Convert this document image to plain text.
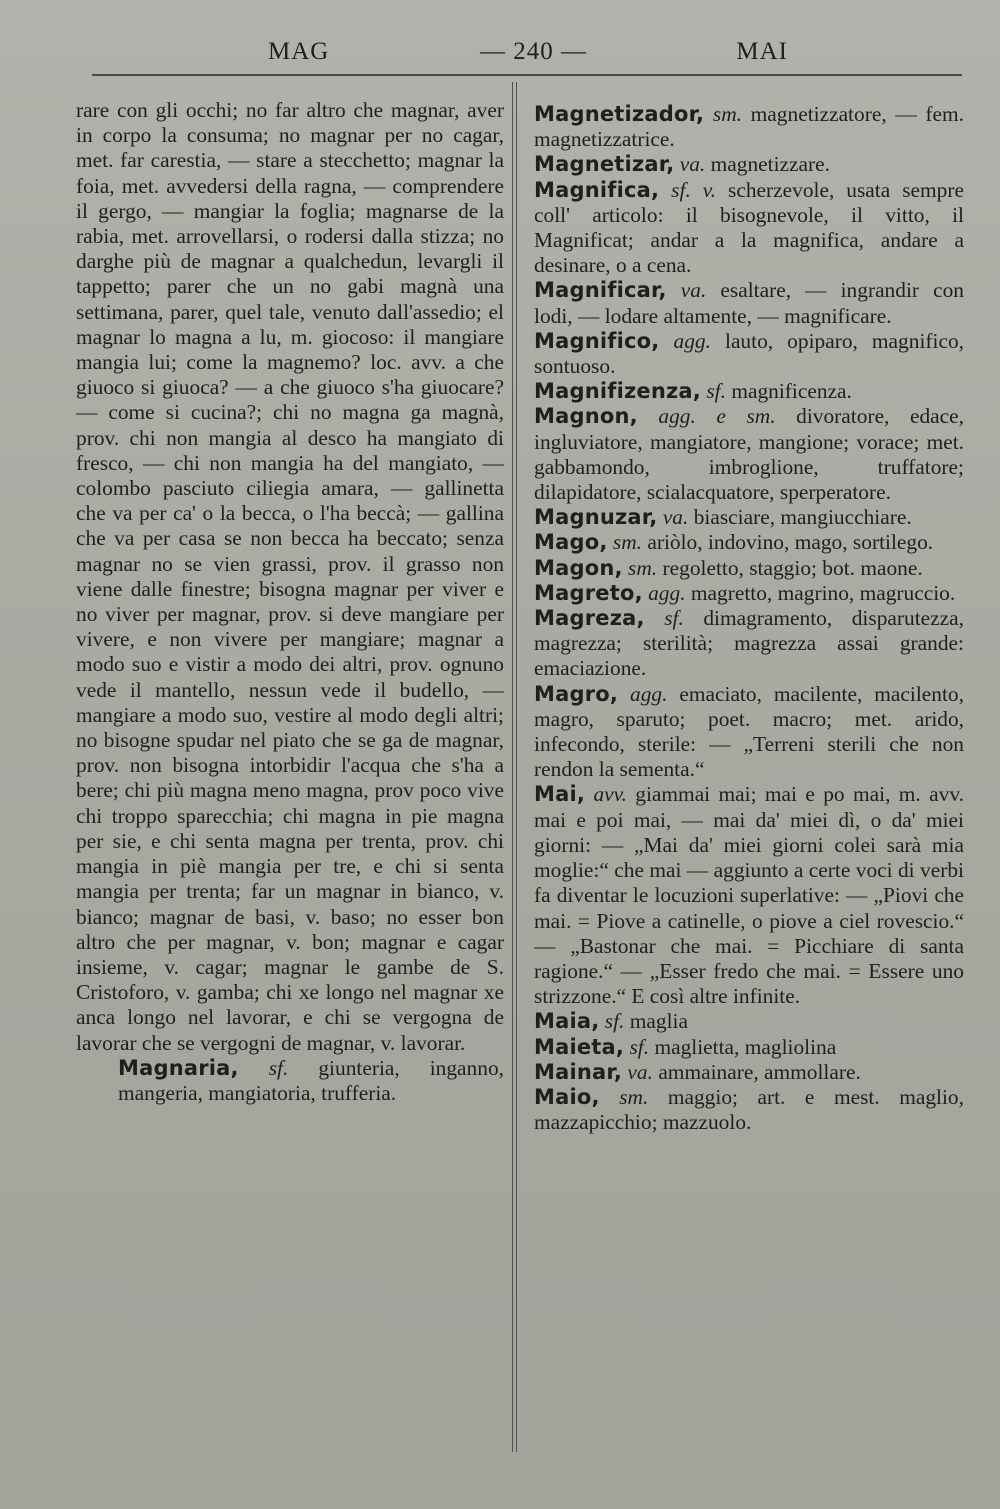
MAG	— 240 —	MAI

rare con gli occhi; no far altro che magnar, aver in corpo la consuma; no magnar per no cagar, met. far carestia, — stare a stecchetto; magnar la foia, met. avvedersi della ragna, — comprendere il gergo, — mangiar la foglia; magnarse de la rabia, met. arrovellarsi, o rodersi dalla stizza; no darghe più de magnar a qualchedun, levargli il tappetto; parer che un no gabi magnà una settimana, parer, quel tale, venuto dall'assedio; el magnar lo magna a lu, m. giocoso: il mangiare mangia lui; come la magnemo? loc. avv. a che giuoco si giuoca? — a che giuoco s'ha giuocare? — come si cucina?; chi no magna ga magnà, prov. chi non mangia al desco ha mangiato di fresco, — chi non mangia ha del mangiato, — colombo pasciuto ciliegia amara, — gallinetta che va per ca' o la becca, o l'ha beccà; — gallina che va per casa se non becca ha beccato; senza magnar no se vien grassi, prov. il grasso non viene dalle finestre; bisogna magnar per viver e no viver per magnar, prov. si deve mangiare per vivere, e non vivere per mangiare; magnar a modo suo e vistir a modo dei altri, prov. ognuno vede il mantello, nessun vede il budello, — mangiare a modo suo, vestire al modo degli altri; no bisogne spudar nel piato che se ga de magnar, prov. non bisogna intorbidir l'acqua che s'ha a bere; chi più magna meno magna, prov poco vive chi troppo sparecchia; chi magna in pie magna per sie, e chi senta magna per trenta, prov. chi mangia in piè mangia per tre, e chi si senta mangia per trenta; far un magnar in bianco, v. bianco; magnar de basi, v. baso; no esser bon altro che per magnar, v. bon; magnar e cagar insieme, v. cagar; magnar le gambe de S. Cristoforo, v. gamba; chi xe longo nel magnar xe anca longo nel lavorar, e chi se vergogna de lavorar che se vergogni de magnar, v. lavorar.

Magnaria, sf. giunteria, inganno, mangeria, mangiatoria, trufferia.

Magnetizador, sm. magnetizzatore, — fem. magnetizzatrice.

Magnetizar, va. magnetizzare.

Magnifica, sf. v. scherzevole, usata sempre coll' articolo: il bisognevole, il vitto, il Magnificat; andar a la magnifica, andare a desinare, o a cena.

Magnificar, va. esaltare, — ingrandir con lodi, — lodare altamente, — magnificare.

Magnifico, agg. lauto, opiparo, magnifico, sontuoso.

Magnifizenza, sf. magnificenza.

Magnon, agg. e sm. divoratore, edace, ingluviatore, mangiatore, mangione; vorace; met. gabbamondo, imbroglione, truffatore; dilapidatore, scialacquatore, sperperatore.

Magnuzar, va. biasciare, mangiucchiare.

Mago, sm. ariòlo, indovino, mago, sortilego.

Magon, sm. regoletto, staggio; bot. maone.

Magreto, agg. magretto, magrino, magruccio.

Magreza, sf. dimagramento, disparutezza, magrezza; sterilità; magrezza assai grande: emaciazione.

Magro, agg. emaciato, macilente, macilento, magro, sparuto; poet. macro; met. arido, infecondo, sterile: — „Terreni sterili che non rendon la sementa.“

Mai, avv. giammai mai; mai e po mai, m. avv. mai e poi mai, — mai da' miei dì, o da' miei giorni: — „Mai da' miei giorni colei sarà mia moglie:“ che mai — aggiunto a certe voci di verbi fa diventar le locuzioni superlative: — „Piovi che mai. = Piove a catinelle, o piove a ciel rovescio.“ — „Bastonar che mai. = Picchiare di santa ragione.“ — „Esser fredo che mai. = Essere uno strizzone.“ E così altre infinite.

Maia, sf. maglia

Maieta, sf. maglietta, magliolina

Mainar, va. ammainare, ammollare.

Maio, sm. maggio; art. e mest. maglio, mazzapicchio; mazzuolo.
